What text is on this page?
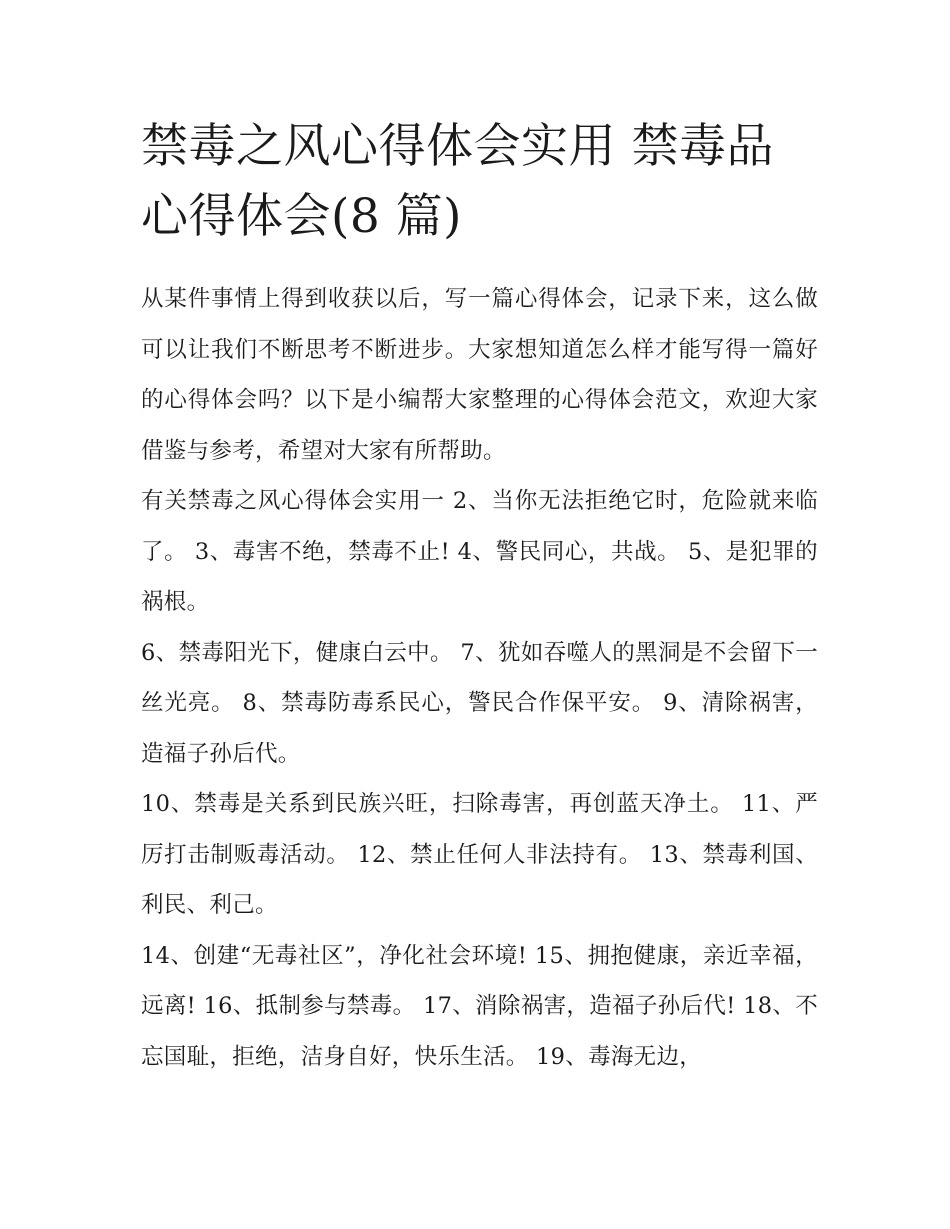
禁毒之风心得体会实用 禁毒品心得体会(8 篇)

从某件事情上得到收获以后，写一篇心得体会，记录下来，这么做可以让我们不断思考不断进步。大家想知道怎么样才能写得一篇好的心得体会吗？以下是小编帮大家整理的心得体会范文，欢迎大家借鉴与参考，希望对大家有所帮助。

有关禁毒之风心得体会实用一 2、当你无法拒绝它时，危险就来临了。 3、毒害不绝，禁毒不止! 4、警民同心，共战。 5、是犯罪的祸根。

6、禁毒阳光下，健康白云中。 7、犹如吞噬人的黑洞是不会留下一丝光亮。 8、禁毒防毒系民心，警民合作保平安。 9、清除祸害，造福子孙后代。

10、禁毒是关系到民族兴旺，扫除毒害，再创蓝天净土。 11、严厉打击制贩毒活动。 12、禁止任何人非法持有。 13、禁毒利国、利民、利己。

14、创建“无毒社区”，净化社会环境! 15、拥抱健康，亲近幸福，远离! 16、抵制参与禁毒。 17、消除祸害，造福子孙后代! 18、不忘国耻，拒绝，洁身自好，快乐生活。 19、毒海无边，
